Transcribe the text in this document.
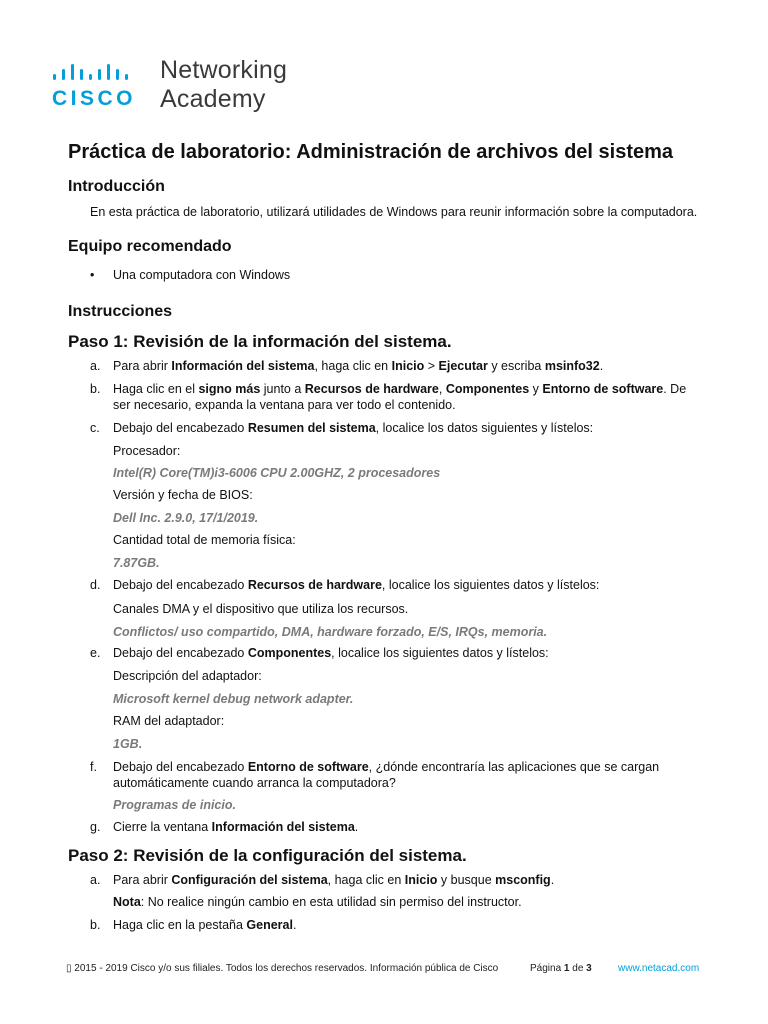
CISCO
Networking
Academy
Práctica de laboratorio: Administración de archivos del sistema
Introducción

En esta práctica de laboratorio, utilizará utilidades de Windows para reunir información sobre la computadora.

Equipo recomendado
• Una computadora con Windows

Instrucciones
Paso 1: Revisión de la información del sistema.
a. Para abrir Información del sistema, haga clic en Inicio > Ejecutar y escriba msinfo32.

b. Haga clic en el signo más junto a Recursos de hardware, Componentes y Entorno de software. De

ser necesario, expanda la ventana para ver todo el contenido.

c. Debajo del encabezado Resumen del sistema, localice los datos siguientes y lístelos:

Procesador:

Intel(R) Core(TM)i3-6006 CPU 2.00GHZ, 2 procesadores

Versión y fecha de BIOS:

Dell Inc. 2.9.0, 17/1/2019.

Cantidad total de memoria física:

7.87GB.

d. Debajo del encabezado Recursos de hardware, localice los siguientes datos y lístelos:

Canales DMA y el dispositivo que utiliza los recursos.

Conflictos/ uso compartido, DMA, hardware forzado, E/S, IRQs, memoria.

e. Debajo del encabezado Componentes, localice los siguientes datos y lístelos:

Descripción del adaptador:

Microsoft kernel debug network adapter.

RAM del adaptador:

1GB.

f. Debajo del encabezado Entorno de software, ¿dónde encontraría las aplicaciones que se cargan

automáticamente cuando arranca la computadora?

Programas de inicio.

g. Cierre la ventana Información del sistema.

Paso 2: Revisión de la configuración del sistema.
a. Para abrir Configuración del sistema, haga clic en Inicio y busque msconfig.

Nota: No realice ningún cambio en esta utilidad sin permiso del instructor.

b. Haga clic en la pestaña General.

▯ 2015 - 2019 Cisco y/o sus filiales. Todos los derechos reservados. Información pública de Cisco	Página 1 de 3	www.netacad.com
